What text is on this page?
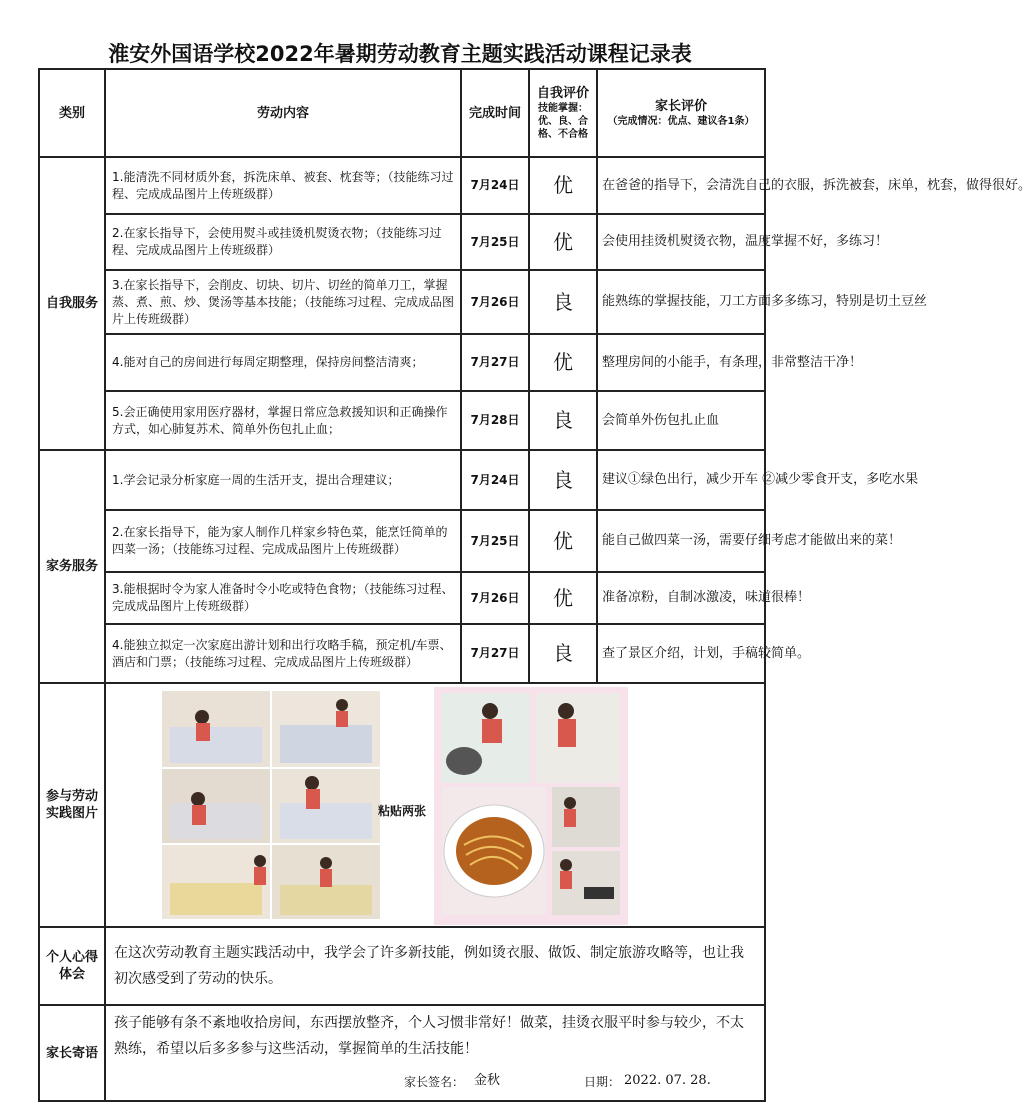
淮安外国语学校2022年暑期劳动教育主题实践活动课程记录表
类别	劳动内容	完成时间	自我评价
技能掌握：优、良、合格、不合格	家长评价
（完成情况：优点、建议各1条）

自我服务	1.能清洗不同材质外套，拆洗床单、被套、枕套等；（技能练习过程、完成成品图片上传班级群）	7月24日	优	在爸爸的指导下，会清洗自己的衣服，拆洗被套，床单，枕套，做得很好。
	2.在家长指导下，会使用熨斗或挂烫机熨烫衣物；（技能练习过程、完成成品图片上传班级群）	7月25日	优	会使用挂烫机熨烫衣物，温度掌握不好，多练习！
	3.在家长指导下，会削皮、切块、切片、切丝的简单刀工，掌握蒸、煮、煎、炒、煲汤等基本技能；（技能练习过程、完成成品图片上传班级群）	7月26日	良	能熟练的掌握技能，刀工方面多多练习，特别是切土豆丝
	4.能对自己的房间进行每周定期整理，保持房间整洁清爽；	7月27日	优	整理房间的小能手，有条理，非常整洁干净！
	5.会正确使用家用医疗器材，掌握日常应急救援知识和正确操作方式，如心肺复苏术、简单外伤包扎止血；	7月28日	良	会简单外伤包扎止血
家务服务	1.学会记录分析家庭一周的生活开支，提出合理建议；	7月24日	良	建议①绿色出行，减少开车 ②减少零食开支，多吃水果
	2.在家长指导下，能为家人制作几样家乡特色菜，能烹饪简单的四菜一汤；（技能练习过程、完成成品图片上传班级群）	7月25日	优	能自己做四菜一汤，需要仔细考虑才能做出来的菜！
	3.能根据时令为家人准备时令小吃或特色食物；（技能练习过程、完成成品图片上传班级群）	7月26日	优	准备凉粉，自制冰激凌，味道很棒！
	4.能独立拟定一次家庭出游计划和出行攻略手稿，预定机/车票、酒店和门票；（技能练习过程、完成成品图片上传班级群）	7月27日	良	查了景区介绍，计划，手稿较简单。
参与劳动实践图片	粘贴两张			

个人心得体会	在这次劳动教育主题实践活动中，我学会了许多新技能，例如烫衣服、做饭、制定旅游攻略等，也让我初次感受到了劳动的快乐。			
家长寄语	孩子能够有条不紊地收拾房间，东西摆放整齐，个人习惯非常好！做菜，挂烫衣服平时参与较少，不太熟练，希望以后多多参与这些活动，掌握简单的生活技能！
家长签名： 金秋 日期： 2022. 07. 28.			
